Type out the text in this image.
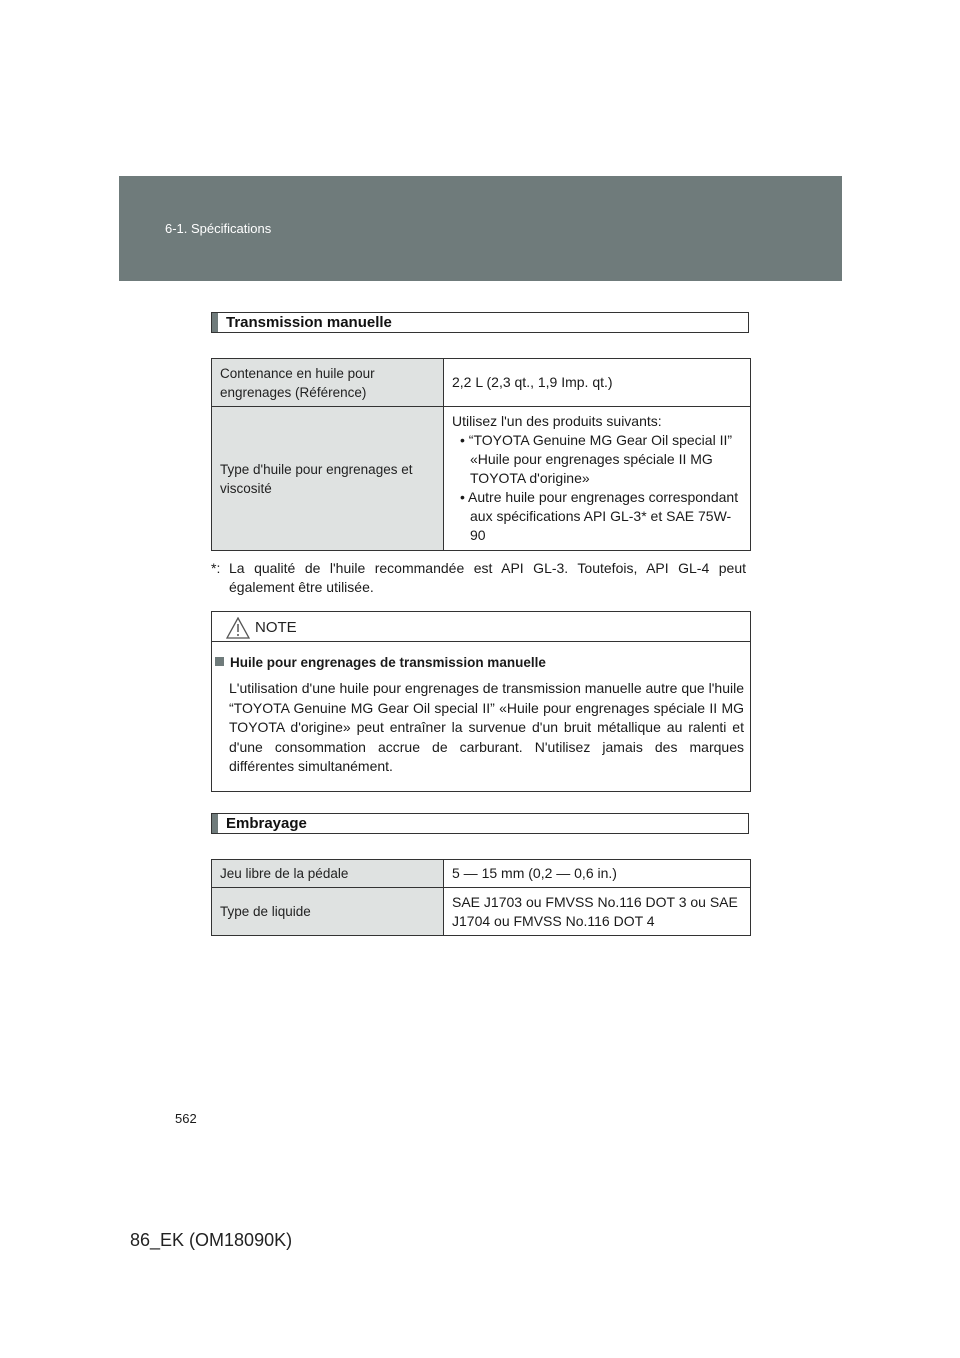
6-1. Spécifications
Transmission manuelle
Contenance en huile pour engrenages (Référence)	2,2 L (2,3 qt., 1,9 Imp. qt.)
Type d'huile pour engrenages et viscosité	Utilisez l'un des produits suivants:
• “TOYOTA Genuine MG Gear Oil special II” «Huile pour engrenages spéciale II MG TOYOTA d'origine»
• Autre huile pour engrenages correspondant aux spécifications API GL-3* et SAE 75W-90
*: La qualité de l'huile recommandée est API GL-3. Toutefois, API GL-4 peut également être utilisée.
NOTE
Huile pour engrenages de transmission manuelle
L'utilisation d'une huile pour engrenages de transmission manuelle autre que l'huile “TOYOTA Genuine MG Gear Oil special II” «Huile pour engrenages spéciale II MG TOYOTA d'origine» peut entraîner la survenue d'un bruit métallique au ralenti et d'une consommation accrue de carburant. N'utilisez jamais des marques différentes simultanément.
Embrayage
Jeu libre de la pédale	5 — 15 mm (0,2 — 0,6 in.)
Type de liquide	SAE J1703 ou FMVSS No.116 DOT 3 ou SAE J1704 ou FMVSS No.116 DOT 4
562
86_EK (OM18090K)
